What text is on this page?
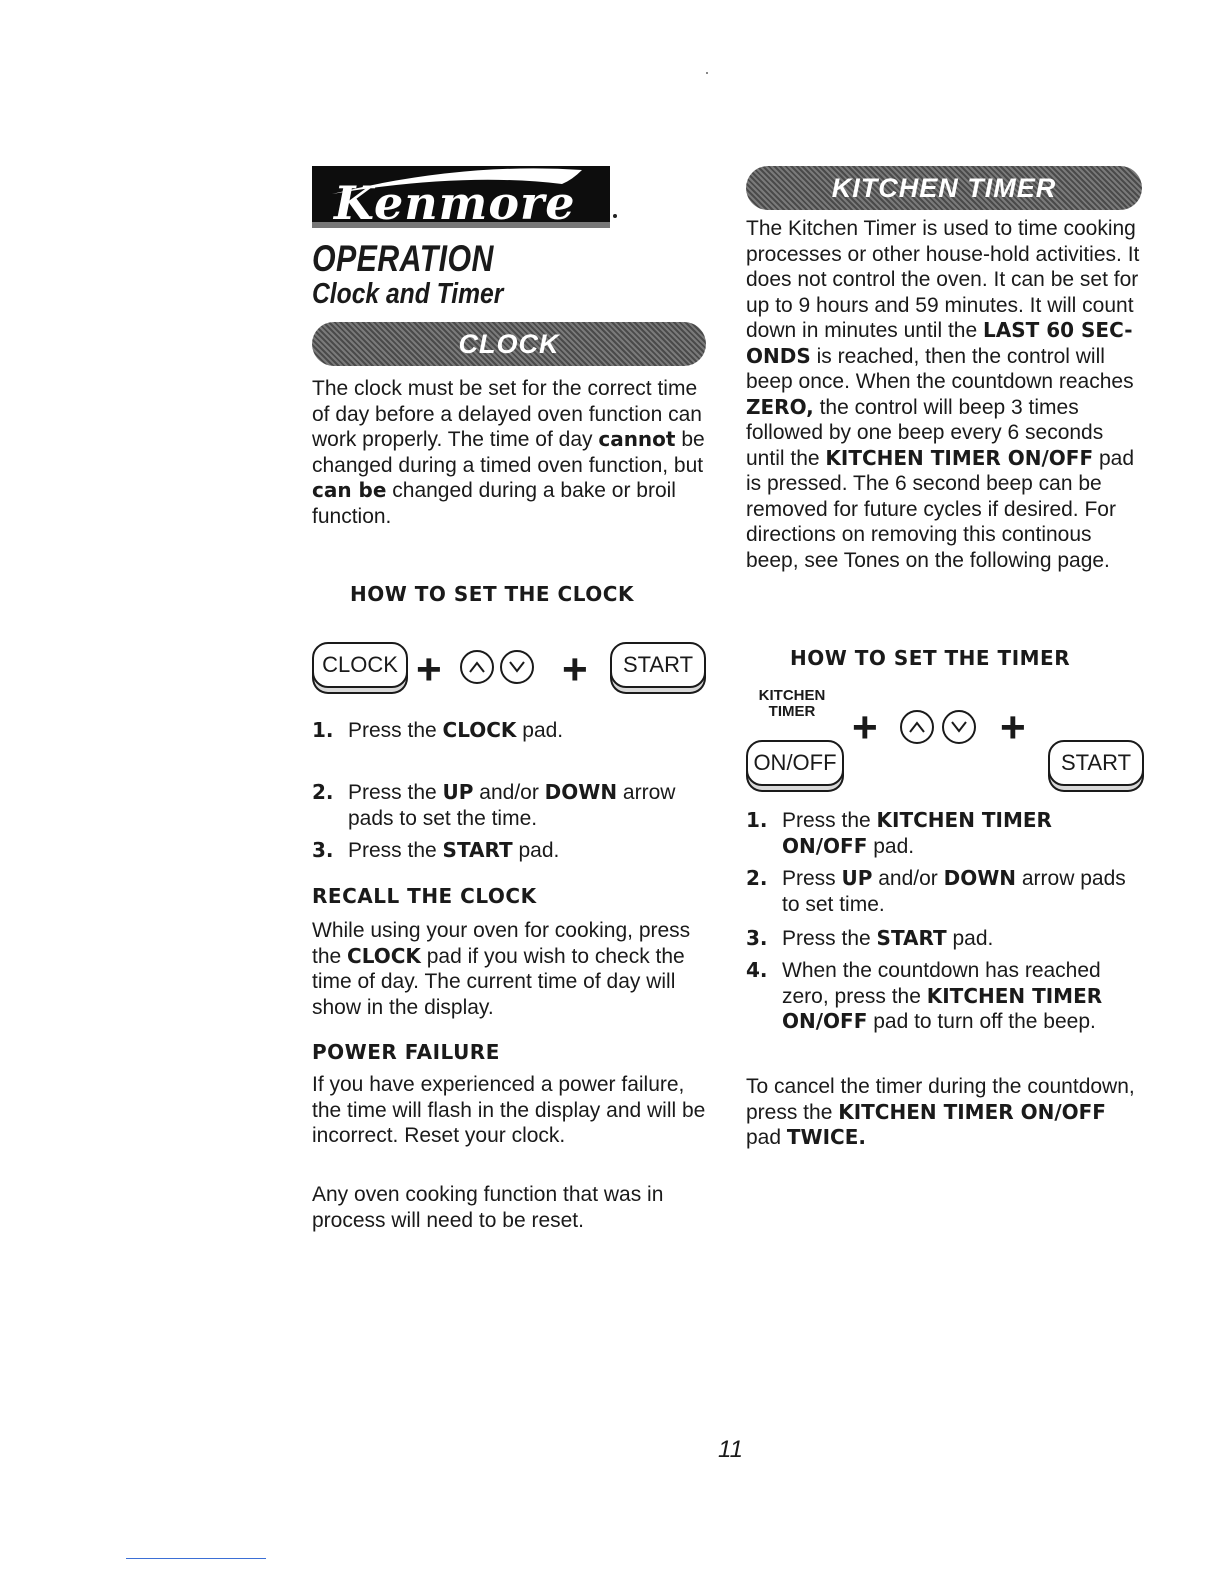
Kenmore
OPERATION
Clock and Timer
CLOCK

The clock must be set for the correct time of day before a delayed oven function can work properly. The time of day cannot be changed during a timed oven function, but can be changed during a bake or broil function.

HOW TO SET THE CLOCK
CLOCK +	+ START
1. Press the CLOCK pad.
2. Press the UP and/or DOWN arrow pads to set the time.
3. Press the START pad.
RECALL THE CLOCK

While using your oven for cooking, press the CLOCK pad if you wish to check the time of day. The current time of day will show in the display.

POWER FAILURE

If you have experienced a power failure, the time will flash in the display and will be incorrect. Reset your clock.

Any oven cooking function that was in process will need to be reset.

KITCHEN TIMER

The Kitchen Timer is used to time cooking processes or other house-hold activities. It does not control the oven. It can be set for up to 9 hours and 59 minutes. It will count down in minutes until the LAST 60 SEC-ONDS is reached, then the control will beep once. When the countdown reaches ZERO, the control will beep 3 times followed by one beep every 6 seconds until the KITCHEN TIMER ON/OFF pad is pressed. The 6 second beep can be removed for future cycles if desired. For directions on removing this continous beep, see Tones on the following page.

HOW TO SET THE TIMER
KITCHEN
TIMER
ON/OFF
+	+
START
1. Press the KITCHEN TIMER ON/OFF pad.
2. Press UP and/or DOWN arrow pads to set time.
3. Press the START pad.
4. When the countdown has reached zero, press the KITCHEN TIMER ON/OFF pad to turn off the beep.

To cancel the timer during the countdown, press the KITCHEN TIMER ON/OFF pad TWICE.

11
